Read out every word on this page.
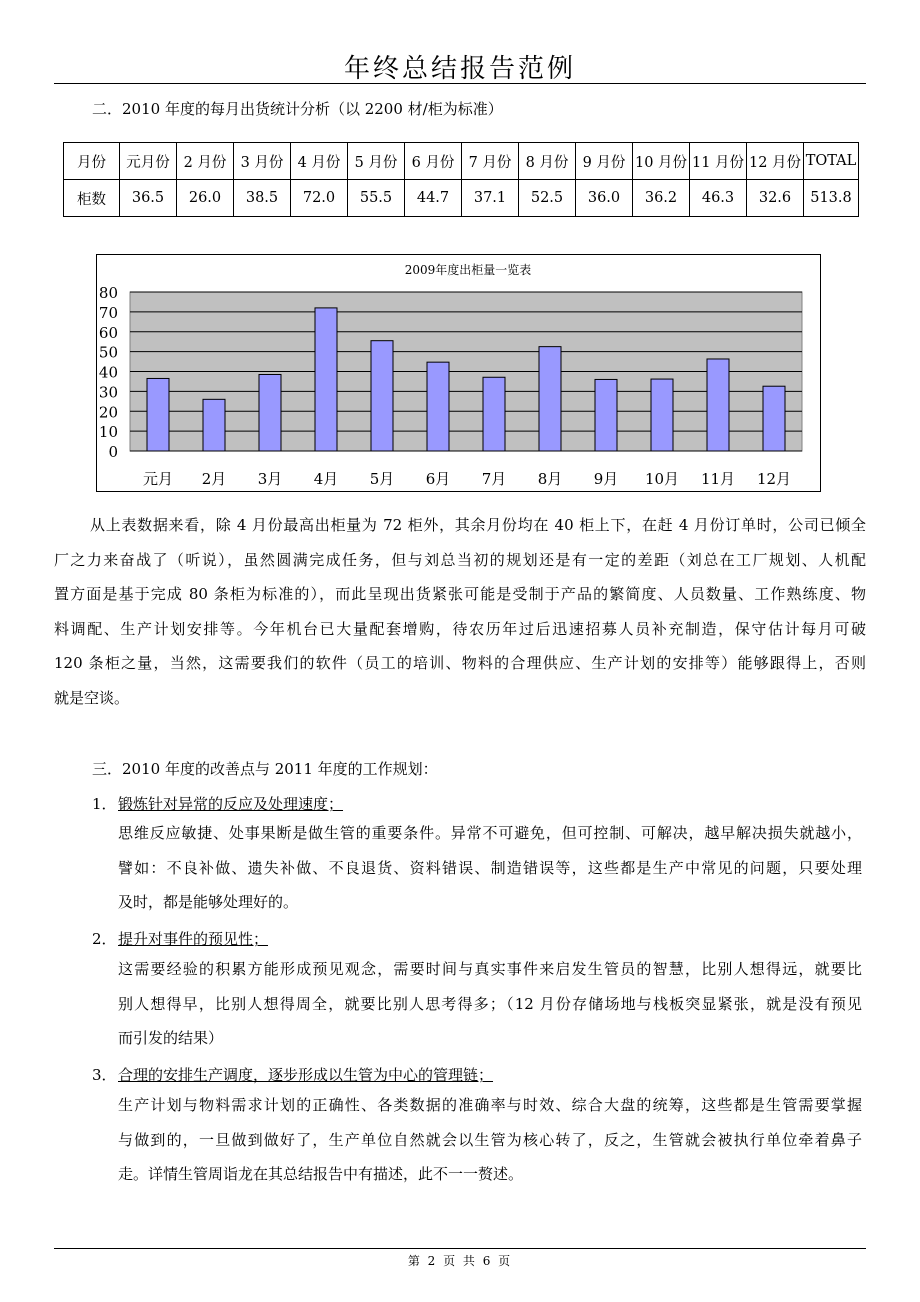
年终总结报告范例
二．2010 年度的每月出货统计分析（以 2200 材/柜为标准）
月份	元月份	2 月份	3 月份	4 月份	5 月份	6 月份	7 月份	8 月份	9 月份	10 月份	11 月份	12 月份	TOTAL
柜数	36.5	26.0	38.5	72.0	55.5	44.7	37.1	52.5	36.0	36.2	46.3	32.6	513.8
2009年度出柜量一览表
0
10
20
30
40
50
60
70
80
元月 2月 3月 4月 5月 6月 7月 8月 9月 10月 11月 12月
从上表数据来看，除 4 月份最高出柜量为 72 柜外，其余月份均在 40 柜上下，在赶 4 月份订单时，公司已倾全
厂之力来奋战了（听说），虽然圆满完成任务，但与刘总当初的规划还是有一定的差距（刘总在工厂规划、人机配
置方面是基于完成 80 条柜为标准的），而此呈现出货紧张可能是受制于产品的繁简度、人员数量、工作熟练度、物
料调配、生产计划安排等。今年机台已大量配套增购，待农历年过后迅速招募人员补充制造，保守估计每月可破
120 条柜之量，当然，这需要我们的软件（员工的培训、物料的合理供应、生产计划的安排等）能够跟得上，否则
就是空谈。
三．2010 年度的改善点与 2011 年度的工作规划：
1．锻炼针对异常的反应及处理速度；
思维反应敏捷、处事果断是做生管的重要条件。异常不可避免，但可控制、可解决，越早解决损失就越小，
譬如：不良补做、遗失补做、不良退货、资料错误、制造错误等，这些都是生产中常见的问题，只要处理
及时，都是能够处理好的。
2．提升对事件的预见性；
这需要经验的积累方能形成预见观念，需要时间与真实事件来启发生管员的智慧，比别人想得远，就要比
别人想得早，比别人想得周全，就要比别人思考得多；（12 月份存储场地与栈板突显紧张，就是没有预见
而引发的结果）
3．合理的安排生产调度，逐步形成以生管为中心的管理链；
生产计划与物料需求计划的正确性、各类数据的准确率与时效、综合大盘的统筹，这些都是生管需要掌握
与做到的，一旦做到做好了，生产单位自然就会以生管为核心转了，反之，生管就会被执行单位牵着鼻子
走。详情生管周诣龙在其总结报告中有描述，此不一一赘述。
第 2 页 共 6 页
